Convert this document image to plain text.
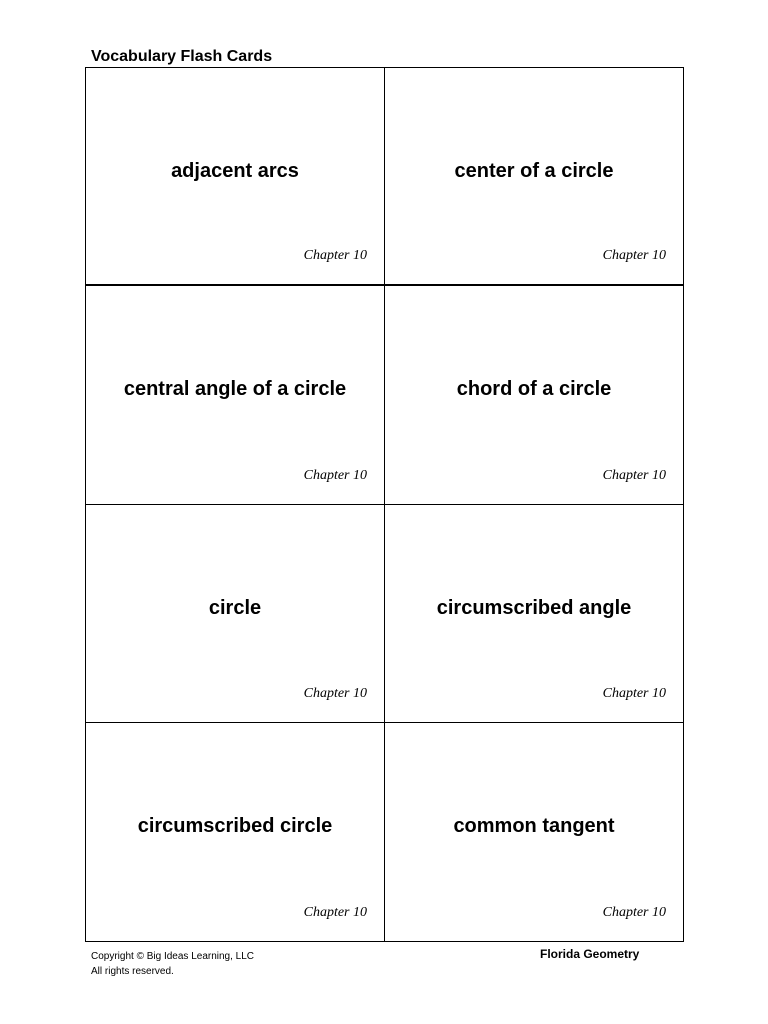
Vocabulary Flash Cards
adjacent arcs
Chapter 10
center of a circle
Chapter 10
central angle of a circle
Chapter 10
chord of a circle
Chapter 10
circle
Chapter 10
circumscribed angle
Chapter 10
circumscribed circle
Chapter 10
common tangent
Chapter 10
Copyright © Big Ideas Learning, LLC
All rights reserved.
Florida Geometry
